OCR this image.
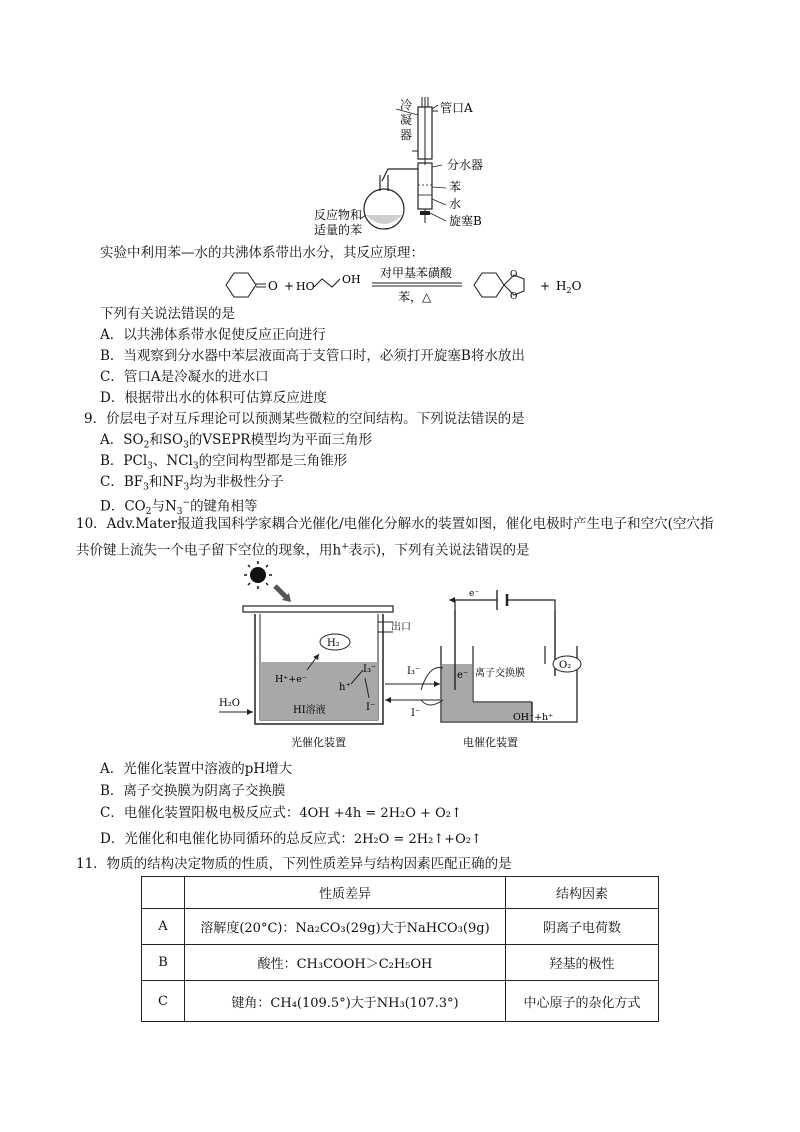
冷
凝
器
管口A
分水器
苯
水
旋塞B
反应物和
适量的苯
实验中利用苯—水的共沸体系带出水分，其反应原理：
O + HO
OH 对甲基苯磺酸
苯，△
O
O
+ $H_2O$
下列有关说法错误的是
A．以共沸体系带水促使反应正向进行
B．当观察到分水器中苯层液面高于支管口时，必须打开旋塞B将水放出
C．管口A是冷凝水的进水口
D．根据带出水的体积可估算反应进度
9．价层电子对互斥理论可以预测某些微粒的空间结构。下列说法错误的是
A．$SO_2$和$SO_3$的VSEPR模型均为平面三角形
B．PCl$_3$、NCl$_3$的空间构型都是三角锥形
C．$BF_3$和$NF_3$均为非极性分子
D．$CO_2$与$N_3^-$的键角相等
10．Adv.Mater报道我国科学家耦合光催化/电催化分解水的装置如图，催化电极时产生电子和空穴(空穴指
共价键上流失一个电子留下空位的现象，用h+表示)，下列有关说法错误的是
出口
H₂
H⁺+e⁻
h⁺
I₃⁻
I⁻
HI溶液
H₂O
I₃⁻
I⁻
e⁻
e⁻ 离子交换膜
O₂
OH⁻+h⁺
光催化装置	电催化装置
A．光催化装置中溶液的pH增大
B．离子交换膜为阴离子交换膜
C．电催化装置阳极电极反应式：4OH +4h = 2H₂O + O₂↑
D．光催化和电催化协同循环的总反应式：2H₂O = 2H₂↑+O₂↑
11．物质的结构决定物质的性质，下列性质差异与结构因素匹配正确的是
	性质差异	结构因素
A	溶解度(20°C)：Na₂CO₃(29g)大于NaHCO₃(9g)	阴离子电荷数
B	酸性：CH₃COOH＞C₂H₅OH	羟基的极性
C	键角：CH₄(109.5°)大于NH₃(107.3°)	中心原子的杂化方式
